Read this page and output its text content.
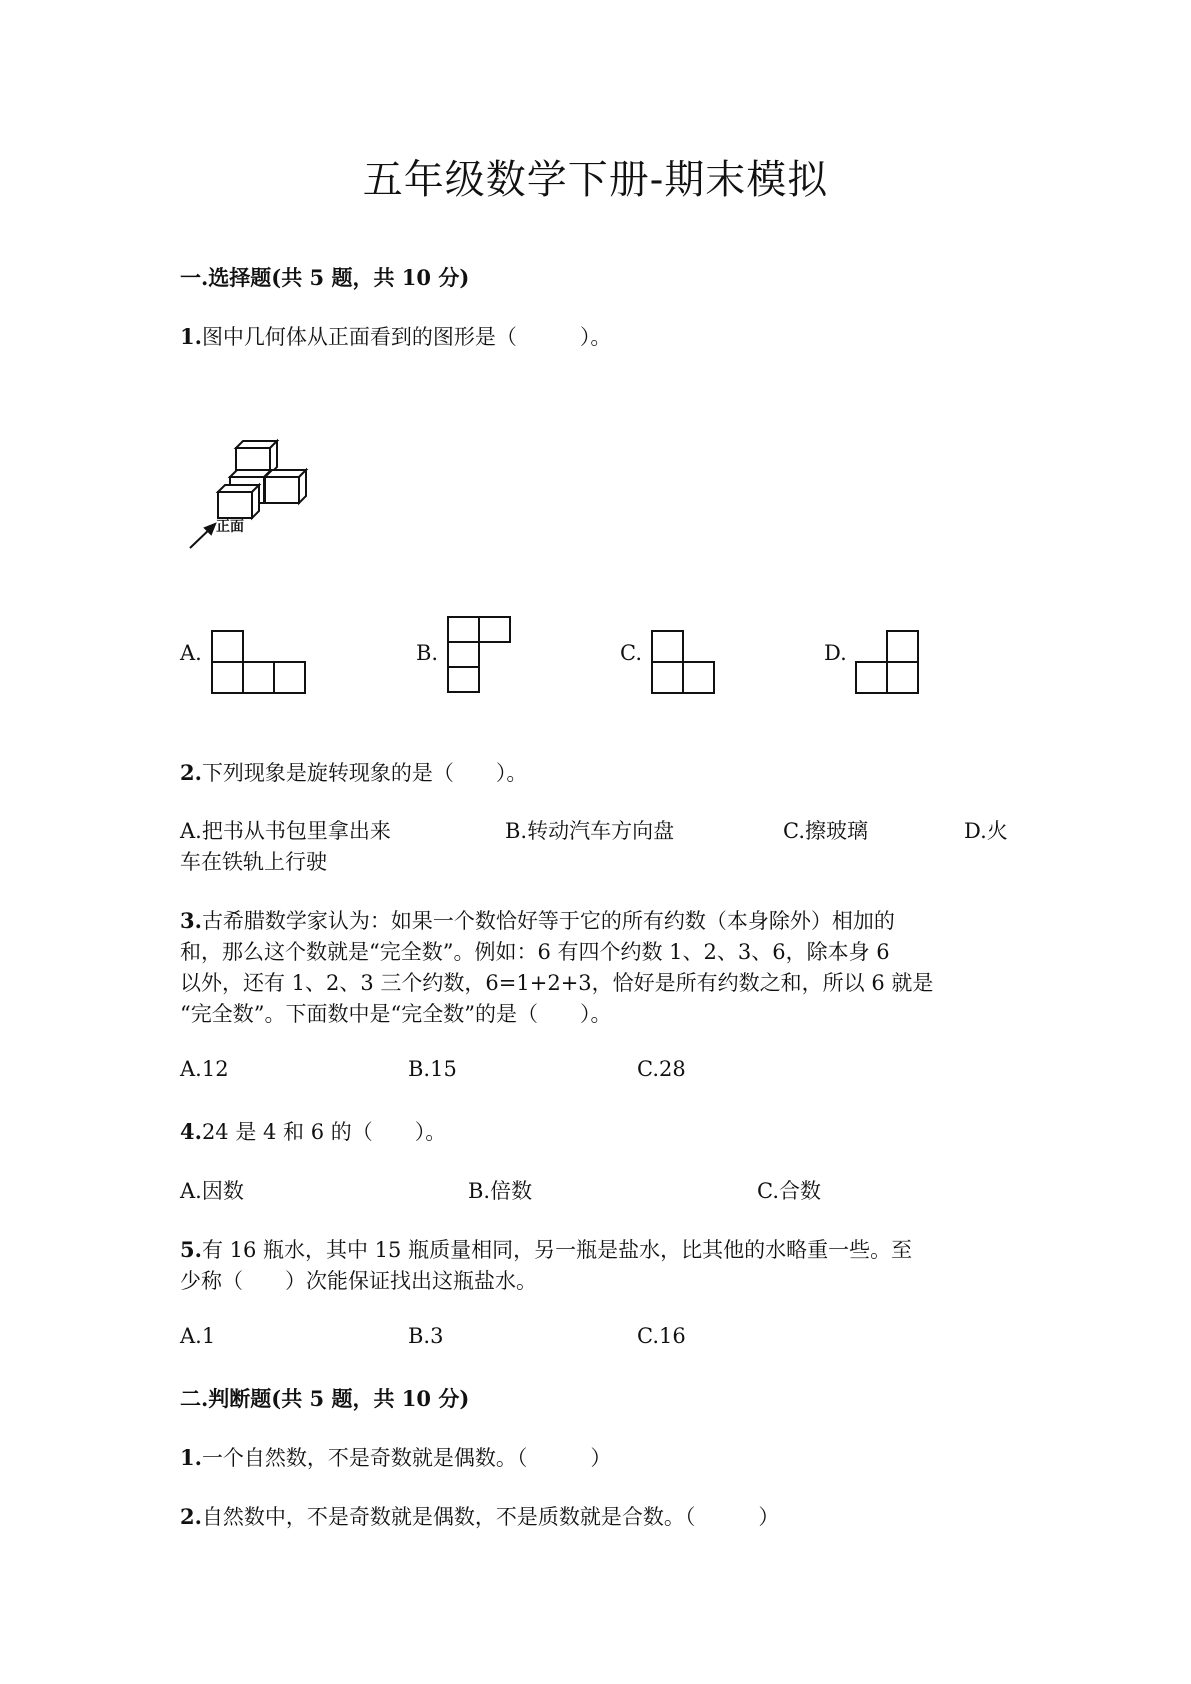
五年级数学下册-期末模拟
一.选择题(共 5 题，共 10 分)
1.图中几何体从正面看到的图形是（　　　）。
正面
A.	B.	C.	D.
2.下列现象是旋转现象的是（　　）。
A.把书从书包里拿出来	B.转动汽车方向盘	C.擦玻璃	D.火
车在铁轨上行驶
3.古希腊数学家认为：如果一个数恰好等于它的所有约数（本身除外）相加的
和，那么这个数就是“完全数”。例如：6 有四个约数 1、2、3、6，除本身 6
以外，还有 1、2、3 三个约数，6=1+2+3，恰好是所有约数之和，所以 6 就是
“完全数”。下面数中是“完全数”的是（　　）。
A.12	B.15	C.28
4.24 是 4 和 6 的（　　）。
A.因数	B.倍数	C.合数
5.有 16 瓶水，其中 15 瓶质量相同，另一瓶是盐水，比其他的水略重一些。至
少称（　　）次能保证找出这瓶盐水。
A.1	B.3	C.16
二.判断题(共 5 题，共 10 分)
1.一个自然数，不是奇数就是偶数。（　　　）
2.自然数中，不是奇数就是偶数，不是质数就是合数。（　　　）
